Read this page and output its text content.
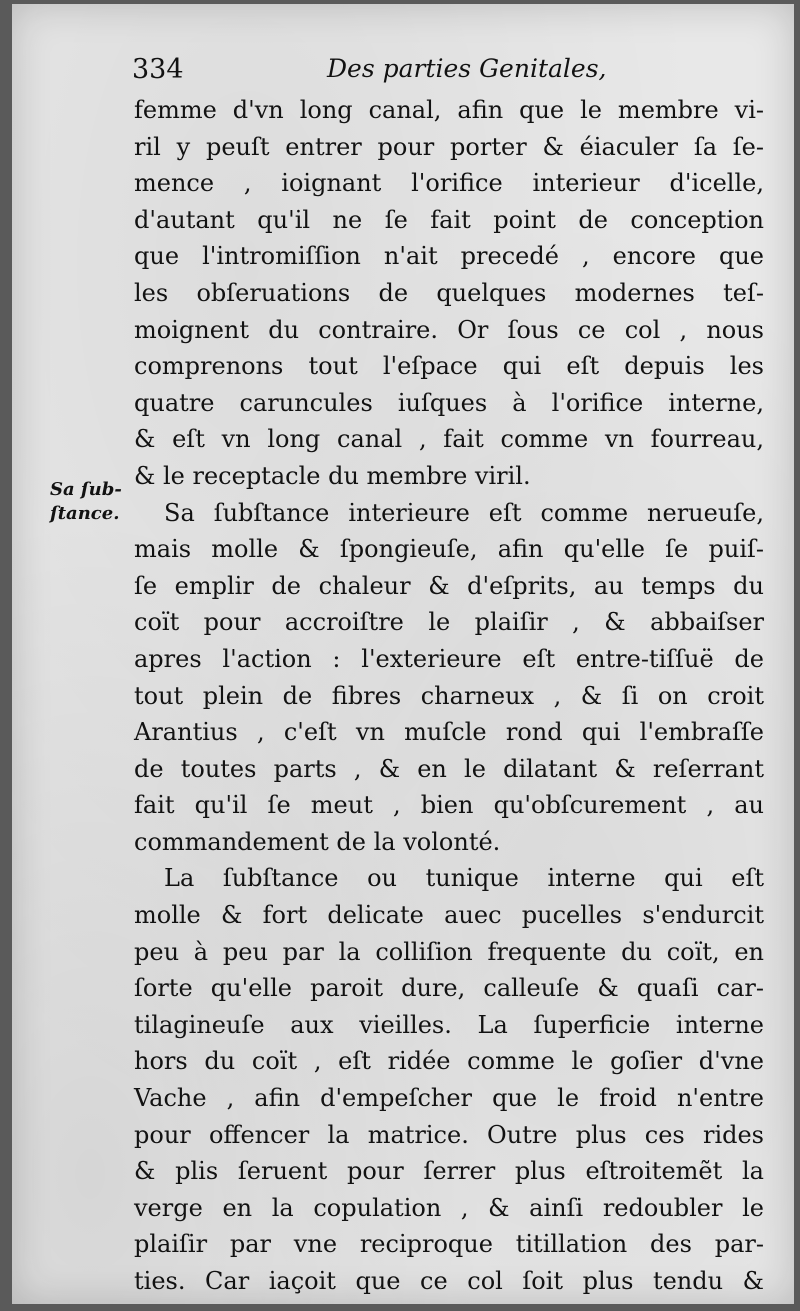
334	Des parties Genitales,
Sa ſub-
ſtance.
femme d'vn long canal, afin que le membre vi-
ril y peuſt entrer pour porter & éiaculer ſa ſe-
mence , ioignant l'orifice interieur d'icelle,
d'autant qu'il ne ſe fait point de conception
que l'intromiſſion n'ait precedé , encore que
les obſeruations de quelques modernes teſ-
moignent du contraire. Or ſous ce col , nous
comprenons tout l'eſpace qui eſt depuis les
quatre caruncules iuſques à l'orifice interne,
& eſt vn long canal , fait comme vn fourreau,
& le receptacle du membre viril.
Sa ſubſtance interieure eſt comme nerueuſe,
mais molle & ſpongieuſe, afin qu'elle ſe puiſ-
ſe emplir de chaleur & d'eſprits, au temps du
coït pour accroiſtre le plaiſir , & abbaiſser
apres l'action : l'exterieure eſt entre-tiſſuë de
tout plein de fibres charneux , & ſi on croit
Arantius , c'eſt vn muſcle rond qui l'embraſſe
de toutes parts , & en le dilatant & reſerrant
fait qu'il ſe meut , bien qu'obſcurement , au
commandement de la volonté.
La ſubſtance ou tunique interne qui eſt
molle & fort delicate auec pucelles s'endurcit
peu à peu par la colliſion frequente du coït, en
ſorte qu'elle paroit dure, calleuſe & quaſi car-
tilagineuſe aux vieilles. La ſuperficie interne
hors du coït , eſt ridée comme le goſier d'vne
Vache , afin d'empeſcher que le froid n'entre
pour offencer la matrice. Outre plus ces rides
& plis ſeruent pour ſerrer plus eſtroitemẽt la
verge en la copulation , & ainſi redoubler le
plaiſir par vne reciproque titillation des par-
ties. Car iaçoit que ce col ſoit plus tendu &
